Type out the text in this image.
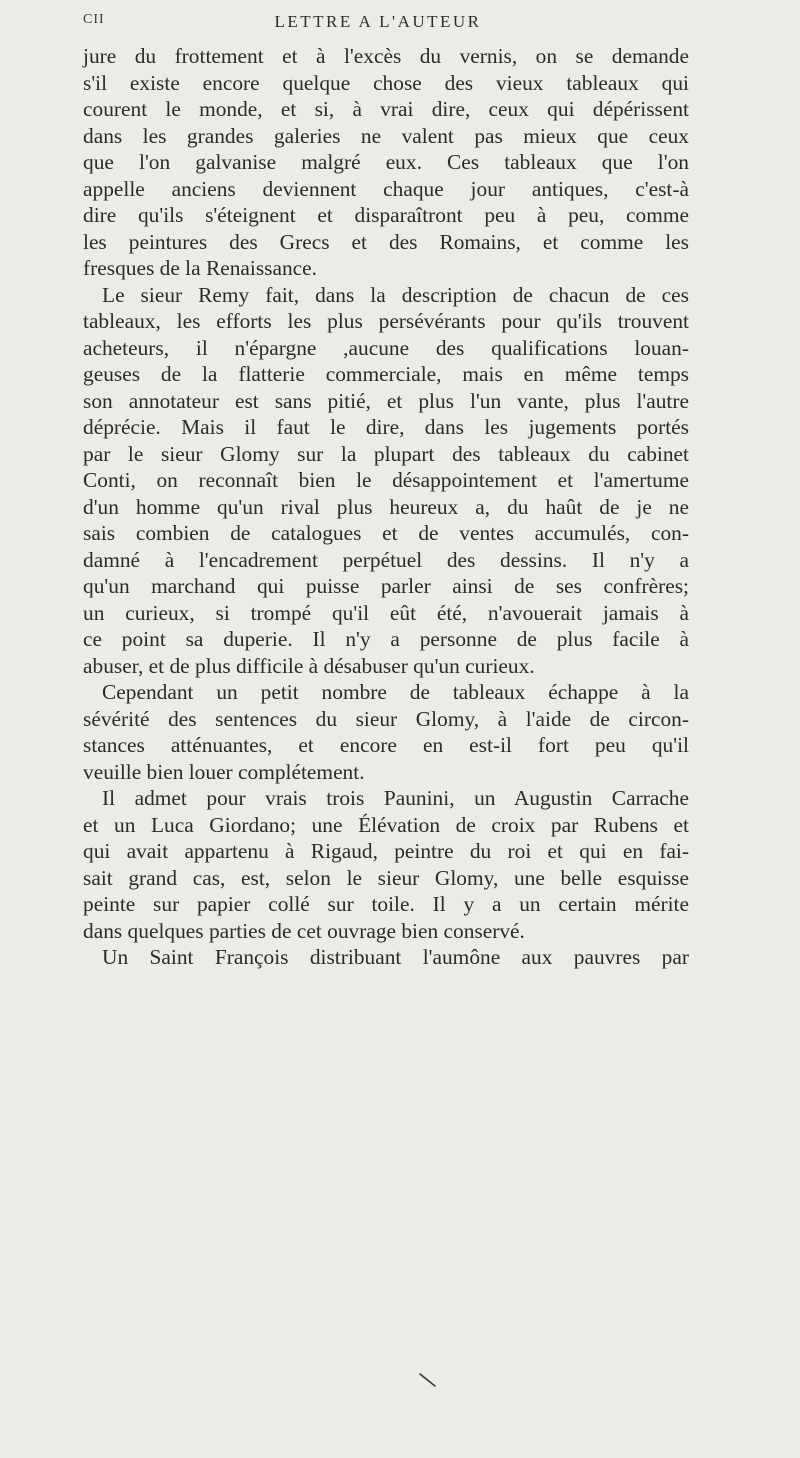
CII	LETTRE A L'AUTEUR
jure du frottement et à l'excès du vernis, on se demande
s'il existe encore quelque chose des vieux tableaux qui
courent le monde, et si, à vrai dire, ceux qui dépérissent
dans les grandes galeries ne valent pas mieux que ceux
que l'on galvanise malgré eux. Ces tableaux que l'on
appelle anciens deviennent chaque jour antiques, c'est-à
dire qu'ils s'éteignent et disparaîtront peu à peu, comme
les peintures des Grecs et des Romains, et comme les
fresques de la Renaissance.
Le sieur Remy fait, dans la description de chacun de ces
tableaux, les efforts les plus persévérants pour qu'ils trouvent
acheteurs, il n'épargne ,aucune des qualifications louan-
geuses de la flatterie commerciale, mais en même temps
son annotateur est sans pitié, et plus l'un vante, plus l'autre
déprécie. Mais il faut le dire, dans les jugements portés
par le sieur Glomy sur la plupart des tableaux du cabinet
Conti, on reconnaît bien le désappointement et l'amertume
d'un homme qu'un rival plus heureux a, du haût de je ne
sais combien de catalogues et de ventes accumulés, con-
damné à l'encadrement perpétuel des dessins. Il n'y a
qu'un marchand qui puisse parler ainsi de ses confrères;
un curieux, si trompé qu'il eût été, n'avouerait jamais à
ce point sa duperie. Il n'y a personne de plus facile à
abuser, et de plus difficile à désabuser qu'un curieux.
Cependant un petit nombre de tableaux échappe à la
sévérité des sentences du sieur Glomy, à l'aide de circon-
stances atténuantes, et encore en est-il fort peu qu'il
veuille bien louer complétement.
Il admet pour vrais trois Paunini, un Augustin Carrache
et un Luca Giordano; une Élévation de croix par Rubens et
qui avait appartenu à Rigaud, peintre du roi et qui en fai-
sait grand cas, est, selon le sieur Glomy, une belle esquisse
peinte sur papier collé sur toile. Il y a un certain mérite
dans quelques parties de cet ouvrage bien conservé.
Un Saint François distribuant l'aumône aux pauvres par
